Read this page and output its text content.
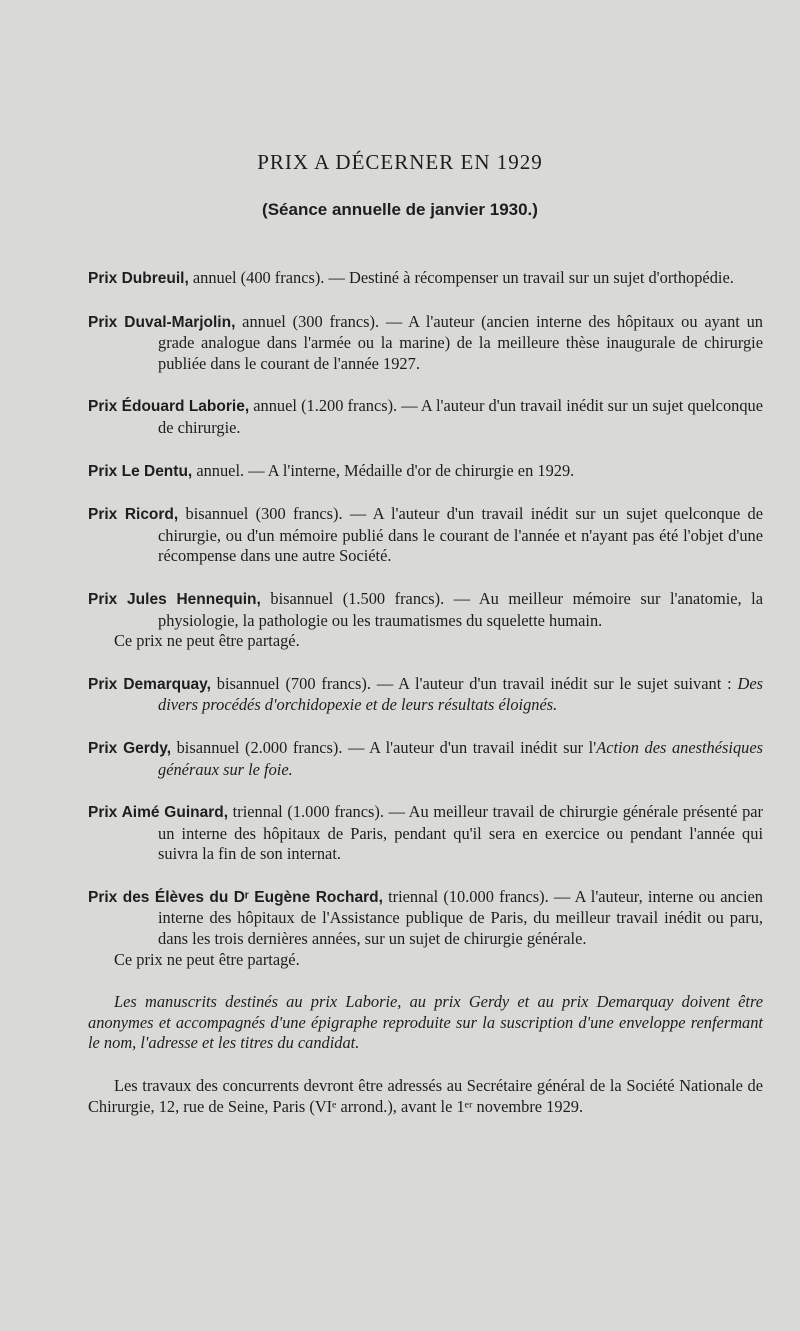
PRIX A DÉCERNER EN 1929
(Séance annuelle de janvier 1930.)

Prix Dubreuil, annuel (400 francs). — Destiné à récompenser un travail sur un sujet d'orthopédie.

Prix Duval-Marjolin, annuel (300 francs). — A l'auteur (ancien interne des hôpitaux ou ayant un grade analogue dans l'armée ou la marine) de la meilleure thèse inaugurale de chirurgie publiée dans le courant de l'année 1927.

Prix Édouard Laborie, annuel (1.200 francs). — A l'auteur d'un travail inédit sur un sujet quelconque de chirurgie.

Prix Le Dentu, annuel. — A l'interne, Médaille d'or de chirurgie en 1929.

Prix Ricord, bisannuel (300 francs). — A l'auteur d'un travail inédit sur un sujet quelconque de chirurgie, ou d'un mémoire publié dans le courant de l'année et n'ayant pas été l'objet d'une récompense dans une autre Société.

Prix Jules Hennequin, bisannuel (1.500 francs). — Au meilleur mémoire sur l'anatomie, la physiologie, la pathologie ou les traumatismes du squelette humain.
Ce prix ne peut être partagé.

Prix Demarquay, bisannuel (700 francs). — A l'auteur d'un travail inédit sur le sujet suivant : Des divers procédés d'orchidopexie et de leurs résultats éloignés.

Prix Gerdy, bisannuel (2.000 francs). — A l'auteur d'un travail inédit sur l'Action des anesthésiques généraux sur le foie.

Prix Aimé Guinard, triennal (1.000 francs). — Au meilleur travail de chirurgie générale présenté par un interne des hôpitaux de Paris, pendant qu'il sera en exercice ou pendant l'année qui suivra la fin de son internat.

Prix des Élèves du Dʳ Eugène Rochard, triennal (10.000 francs). — A l'auteur, interne ou ancien interne des hôpitaux de l'Assistance publique de Paris, du meilleur travail inédit ou paru, dans les trois dernières années, sur un sujet de chirurgie générale.
Ce prix ne peut être partagé.

Les manuscrits destinés au prix Laborie, au prix Gerdy et au prix Demarquay doivent être anonymes et accompagnés d'une épigraphe reproduite sur la suscription d'une enveloppe renfermant le nom, l'adresse et les titres du candidat.

Les travaux des concurrents devront être adressés au Secrétaire général de la Société Nationale de Chirurgie, 12, rue de Seine, Paris (VIᵉ arrond.), avant le 1ᵉʳ novembre 1929.
